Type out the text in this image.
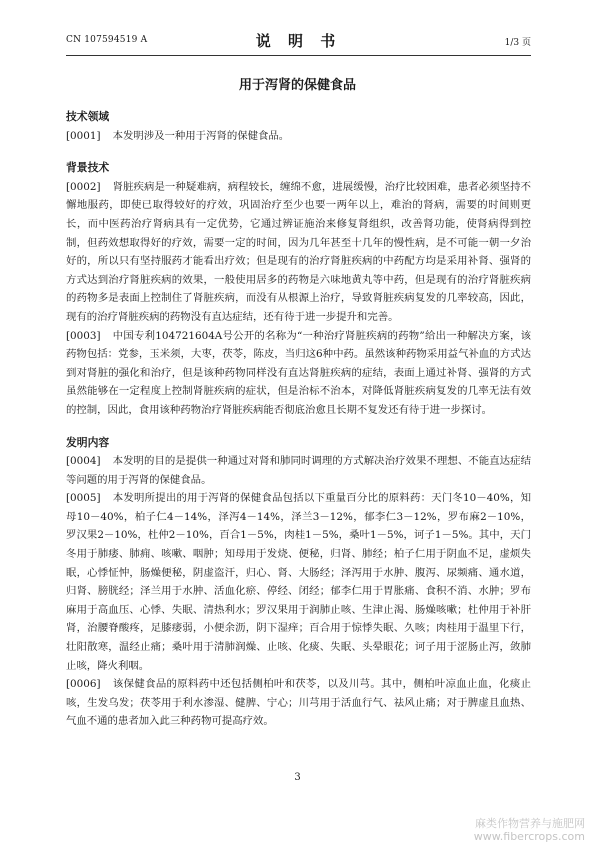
CN 107594519 A	说 明 书	1/3 页
用于泻肾的保健食品

技术领域

[0001] 本发明涉及一种用于泻肾的保健食品。

背景技术

[0002] 肾脏疾病是一种疑难病，病程较长，缠绵不愈，进展缓慢，治疗比较困难，患者必须坚持不懈地服药，即使已取得较好的疗效，巩固治疗至少也要一两年以上，难治的肾病，需要的时间则更长，而中医药治疗肾病具有一定优势，它通过辨证施治来修复肾组织，改善肾功能，使肾病得到控制，但药效想取得好的疗效，需要一定的时间，因为几年甚至十几年的慢性病，是不可能一朝一夕治好的，所以只有坚持服药才能看出疗效；但是现有的治疗肾脏疾病的中药配方均是采用补肾、强肾的方式达到治疗肾脏疾病的效果，一般使用居多的药物是六味地黄丸等中药，但是现有的治疗肾脏疾病的药物多是表面上控制住了肾脏疾病，而没有从根源上治疗，导致肾脏疾病复发的几率较高，因此，现有的治疗肾脏疾病的药物没有直达症结，还有待于进一步提升和完善。

[0003] 中国专利104721604A号公开的名称为“一种治疗肾脏疾病的药物”给出一种解决方案，该药物包括：党参，玉米须，大枣，茯苓，陈皮，当归这6种中药。虽然该种药物采用益气补血的方式达到对肾脏的强化和治疗，但是该种药物同样没有直达肾脏疾病的症结，表面上通过补肾、强肾的方式虽然能够在一定程度上控制肾脏疾病的症状，但是治标不治本，对降低肾脏疾病复发的几率无法有效的控制，因此，食用该种药物治疗肾脏疾病能否彻底治愈且长期不复发还有待于进一步探讨。

发明内容

[0004] 本发明的目的是提供一种通过对肾和肺同时调理的方式解决治疗效果不理想、不能直达症结等问题的用于泻肾的保健食品。

[0005] 本发明所提出的用于泻肾的保健食品包括以下重量百分比的原料药：天门冬10－40%，知母10－40%，柏子仁4－14%，泽泻4－14%，泽兰3－12%，郁李仁3－12%，罗布麻2－10%，罗汉果2－10%，杜仲2－10%，百合1－5%，肉桂1－5%，桑叶1－5%，诃子1－5%。其中，天门冬用于肺痿、肺痈、咳嗽、咽肿；知母用于发烧、便秘，归肾、肺经；柏子仁用于阴血不足，虚烦失眠，心悸怔忡，肠燥便秘，阴虚盗汗，归心、肾、大肠经；泽泻用于水肿、腹泻、尿频痛、通水道，归肾、膀胱经；泽兰用于水肿、活血化瘀、停经、闭经；郁李仁用于胃胀痛、食积不消、水肿；罗布麻用于高血压、心悸、失眠、清热利水；罗汉果用于润肺止咳、生津止渴、肠燥咳嗽；杜仲用于补肝肾，治腰脊酸疼，足膝痿弱，小便余沥，阴下湿痒；百合用于惊悸失眠、久咳；肉桂用于温里下行，壮阳散寒，温经止痛；桑叶用于清肺润燥、止咳、化痰、失眠、头晕眼花；诃子用于涩肠止泻，敛肺止咳，降火利咽。

[0006] 该保健食品的原料药中还包括侧柏叶和茯苓，以及川芎。其中，侧柏叶凉血止血，化痰止咳，生发乌发；茯苓用于利水渗湿、健脾、宁心；川芎用于活血行气、祛风止痛；对于脾虚且血热、气血不通的患者加入此三种药物可提高疗效。

3
麻类作物营养与施肥网
www.fibercrops.com
